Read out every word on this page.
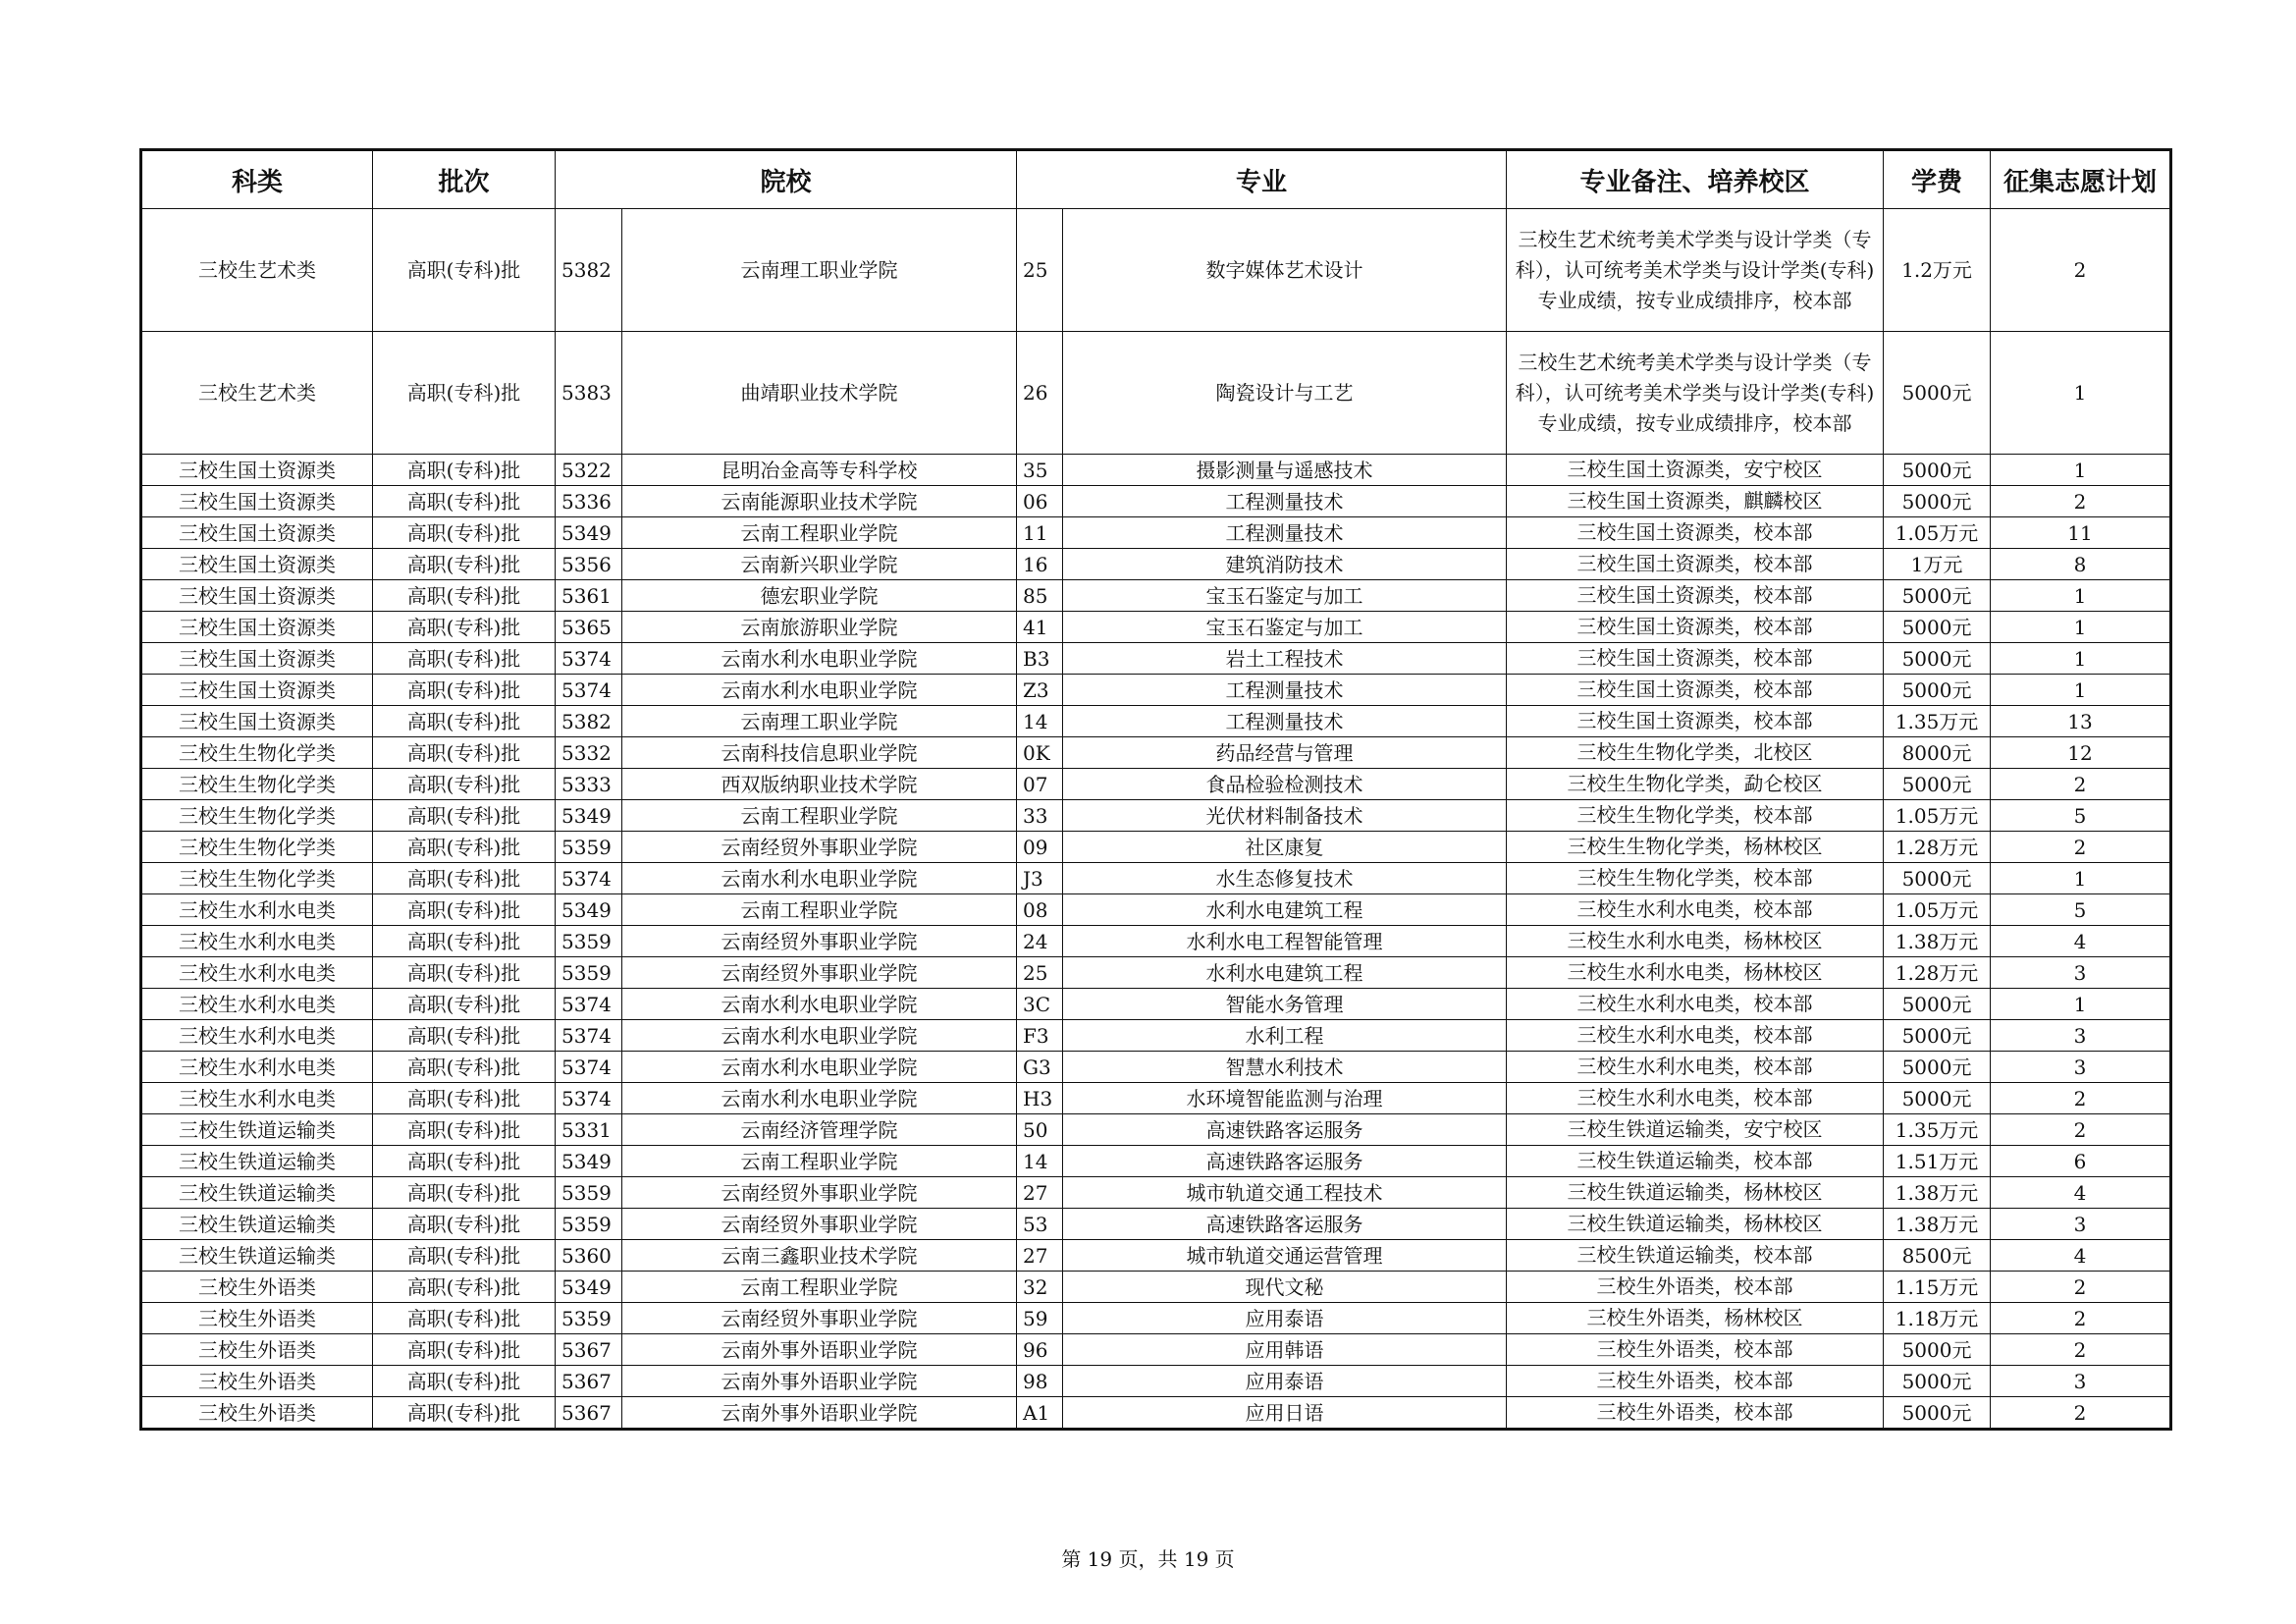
科类	批次	院校		专业		专业备注、培养校区	学费	征集志愿计划
三校生艺术类	高职(专科)批	5382	云南理工职业学院	25	数字媒体艺术设计	三校生艺术统考美术学类与设计学类（专科），认可统考美术学类与设计学类(专科)专业成绩，按专业成绩排序，校本部	1.2万元	2
三校生艺术类	高职(专科)批	5383	曲靖职业技术学院	26	陶瓷设计与工艺	三校生艺术统考美术学类与设计学类（专科），认可统考美术学类与设计学类(专科)专业成绩，按专业成绩排序，校本部	5000元	1
三校生国土资源类	高职(专科)批	5322	昆明冶金高等专科学校	35	摄影测量与遥感技术	三校生国土资源类，安宁校区	5000元	1
三校生国土资源类	高职(专科)批	5336	云南能源职业技术学院	06	工程测量技术	三校生国土资源类，麒麟校区	5000元	2
三校生国土资源类	高职(专科)批	5349	云南工程职业学院	11	工程测量技术	三校生国土资源类，校本部	1.05万元	11
三校生国土资源类	高职(专科)批	5356	云南新兴职业学院	16	建筑消防技术	三校生国土资源类，校本部	1万元	8
三校生国土资源类	高职(专科)批	5361	德宏职业学院	85	宝玉石鉴定与加工	三校生国土资源类，校本部	5000元	1
三校生国土资源类	高职(专科)批	5365	云南旅游职业学院	41	宝玉石鉴定与加工	三校生国土资源类，校本部	5000元	1
三校生国土资源类	高职(专科)批	5374	云南水利水电职业学院	B3	岩土工程技术	三校生国土资源类，校本部	5000元	1
三校生国土资源类	高职(专科)批	5374	云南水利水电职业学院	Z3	工程测量技术	三校生国土资源类，校本部	5000元	1
三校生国土资源类	高职(专科)批	5382	云南理工职业学院	14	工程测量技术	三校生国土资源类，校本部	1.35万元	13
三校生生物化学类	高职(专科)批	5332	云南科技信息职业学院	0K	药品经营与管理	三校生生物化学类，北校区	8000元	12
三校生生物化学类	高职(专科)批	5333	西双版纳职业技术学院	07	食品检验检测技术	三校生生物化学类，勐仑校区	5000元	2
三校生生物化学类	高职(专科)批	5349	云南工程职业学院	33	光伏材料制备技术	三校生生物化学类，校本部	1.05万元	5
三校生生物化学类	高职(专科)批	5359	云南经贸外事职业学院	09	社区康复	三校生生物化学类，杨林校区	1.28万元	2
三校生生物化学类	高职(专科)批	5374	云南水利水电职业学院	J3	水生态修复技术	三校生生物化学类，校本部	5000元	1
三校生水利水电类	高职(专科)批	5349	云南工程职业学院	08	水利水电建筑工程	三校生水利水电类，校本部	1.05万元	5
三校生水利水电类	高职(专科)批	5359	云南经贸外事职业学院	24	水利水电工程智能管理	三校生水利水电类，杨林校区	1.38万元	4
三校生水利水电类	高职(专科)批	5359	云南经贸外事职业学院	25	水利水电建筑工程	三校生水利水电类，杨林校区	1.28万元	3
三校生水利水电类	高职(专科)批	5374	云南水利水电职业学院	3C	智能水务管理	三校生水利水电类，校本部	5000元	1
三校生水利水电类	高职(专科)批	5374	云南水利水电职业学院	F3	水利工程	三校生水利水电类，校本部	5000元	3
三校生水利水电类	高职(专科)批	5374	云南水利水电职业学院	G3	智慧水利技术	三校生水利水电类，校本部	5000元	3
三校生水利水电类	高职(专科)批	5374	云南水利水电职业学院	H3	水环境智能监测与治理	三校生水利水电类，校本部	5000元	2
三校生铁道运输类	高职(专科)批	5331	云南经济管理学院	50	高速铁路客运服务	三校生铁道运输类，安宁校区	1.35万元	2
三校生铁道运输类	高职(专科)批	5349	云南工程职业学院	14	高速铁路客运服务	三校生铁道运输类，校本部	1.51万元	6
三校生铁道运输类	高职(专科)批	5359	云南经贸外事职业学院	27	城市轨道交通工程技术	三校生铁道运输类，杨林校区	1.38万元	4
三校生铁道运输类	高职(专科)批	5359	云南经贸外事职业学院	53	高速铁路客运服务	三校生铁道运输类，杨林校区	1.38万元	3
三校生铁道运输类	高职(专科)批	5360	云南三鑫职业技术学院	27	城市轨道交通运营管理	三校生铁道运输类，校本部	8500元	4
三校生外语类	高职(专科)批	5349	云南工程职业学院	32	现代文秘	三校生外语类，校本部	1.15万元	2
三校生外语类	高职(专科)批	5359	云南经贸外事职业学院	59	应用泰语	三校生外语类，杨林校区	1.18万元	2
三校生外语类	高职(专科)批	5367	云南外事外语职业学院	96	应用韩语	三校生外语类，校本部	5000元	2
三校生外语类	高职(专科)批	5367	云南外事外语职业学院	98	应用泰语	三校生外语类，校本部	5000元	3
三校生外语类	高职(专科)批	5367	云南外事外语职业学院	A1	应用日语	三校生外语类，校本部	5000元	2
第 19 页，共 19 页
